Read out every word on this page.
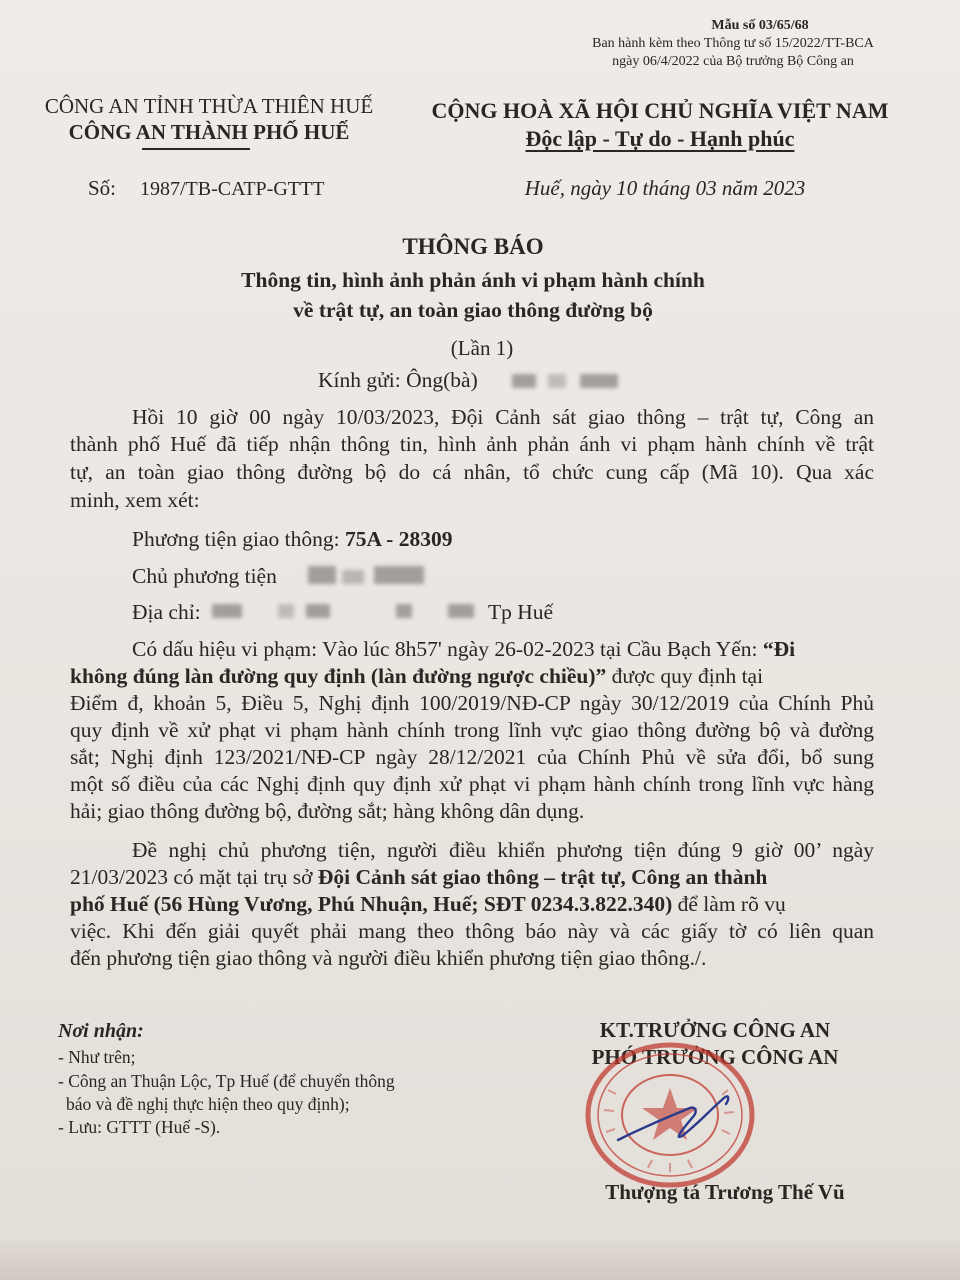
Mẫu số 03/65/68
Ban hành kèm theo Thông tư số 15/2022/TT-BCA
ngày 06/4/2022 của Bộ trưởng Bộ Công an
CÔNG AN TỈNH THỪA THIÊN HUẾ
CÔNG AN THÀNH PHỐ HUẾ
Số: 1987/TB-CATP-GTTT
CỘNG HOÀ XÃ HỘI CHỦ NGHĨA VIỆT NAM
Độc lập - Tự do - Hạnh phúc
Huế, ngày 10 tháng 03 năm 2023
THÔNG BÁO
Thông tin, hình ảnh phản ánh vi phạm hành chính
về trật tự, an toàn giao thông đường bộ
(Lần 1)
Kính gửi: Ông(bà)
Hồi 10 giờ 00 ngày 10/03/2023, Đội Cảnh sát giao thông – trật tự, Công an
thành phố Huế đã tiếp nhận thông tin, hình ảnh phản ánh vi phạm hành chính về trật
tự, an toàn giao thông đường bộ do cá nhân, tổ chức cung cấp (Mã 10). Qua xác
minh, xem xét:
Phương tiện giao thông: 75A - 28309
Chủ phương tiện
Địa chỉ:	Tp Huế
Có dấu hiệu vi phạm: Vào lúc 8h57' ngày 26-02-2023 tại Cầu Bạch Yến: “Đi
không đúng làn đường quy định (làn đường ngược chiều)” được quy định tại
Điểm đ, khoản 5, Điều 5, Nghị định 100/2019/NĐ-CP ngày 30/12/2019 của Chính Phủ
quy định về xử phạt vi phạm hành chính trong lĩnh vực giao thông đường bộ và đường
sắt; Nghị định 123/2021/NĐ-CP ngày 28/12/2021 của Chính Phủ về sửa đổi, bổ sung
một số điều của các Nghị định quy định xử phạt vi phạm hành chính trong lĩnh vực hàng
hải; giao thông đường bộ, đường sắt; hàng không dân dụng.
Đề nghị chủ phương tiện, người điều khiển phương tiện đúng 9 giờ 00’ ngày
21/03/2023 có mặt tại trụ sở Đội Cảnh sát giao thông – trật tự, Công an thành
phố Huế (56 Hùng Vương, Phú Nhuận, Huế; SĐT 0234.3.822.340) để làm rõ vụ
việc. Khi đến giải quyết phải mang theo thông báo này và các giấy tờ có liên quan
đến phương tiện giao thông và người điều khiển phương tiện giao thông./.
Nơi nhận:
- Như trên;
- Công an Thuận Lộc, Tp Huế (để chuyển thông
báo và đề nghị thực hiện theo quy định);
- Lưu: GTTT (Huế -S).
KT.TRƯỞNG CÔNG AN
PHÓ TRƯỞNG CÔNG AN
Thượng tá Trương Thế Vũ
